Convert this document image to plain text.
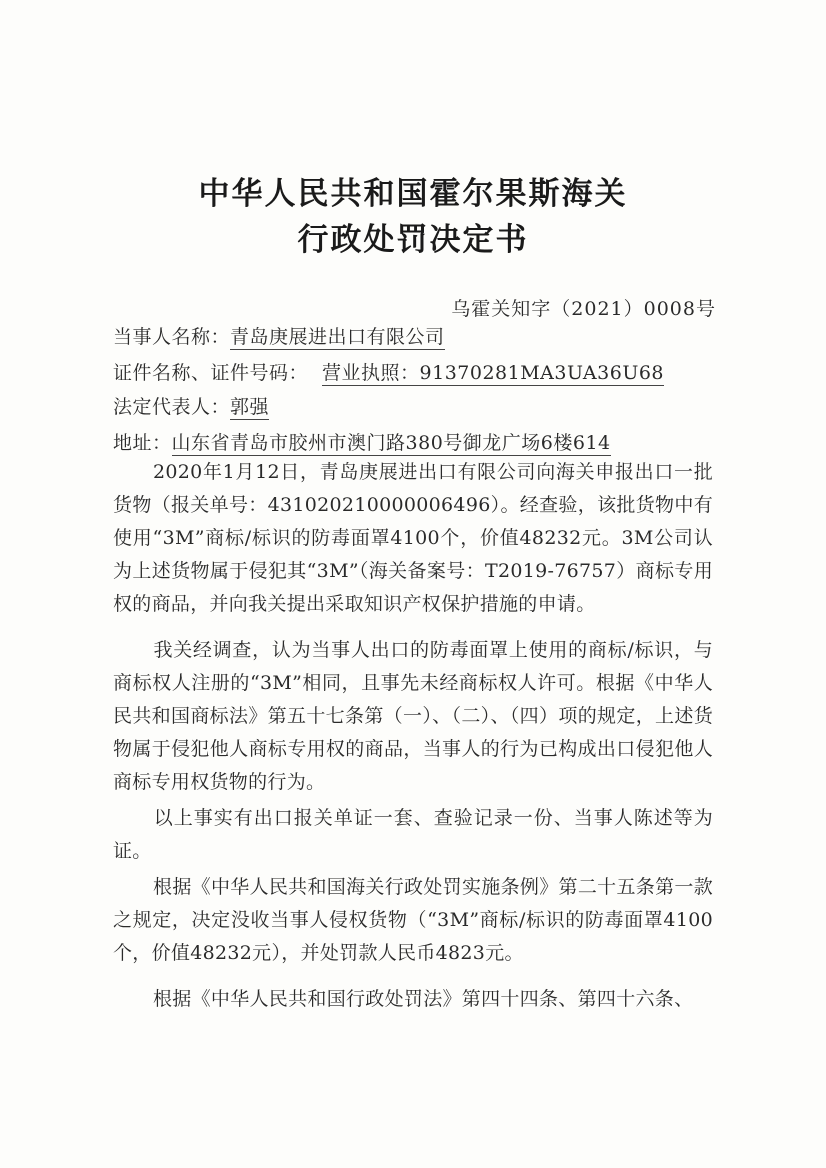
中华人民共和国霍尔果斯海关
行政处罚决定书
乌霍关知字（2021）0008号
当事人名称：青岛庚展进出口有限公司
证件名称、证件号码： 营业执照：91370281MA3UA36U68
法定代表人：郭强
地址：山东省青岛市胶州市澳门路380号御龙广场6楼614
2020年1月12日，青岛庚展进出口有限公司向海关申报出口一批货物（报关单号：431020210000006496）。经查验，该批货物中有使用“3M”商标/标识的防毒面罩4100个，价值48232元。3M公司认为上述货物属于侵犯其“3M”（海关备案号：T2019-76757）商标专用权的商品，并向我关提出采取知识产权保护措施的申请。
我关经调查，认为当事人出口的防毒面罩上使用的商标/标识，与商标权人注册的“3M”相同，且事先未经商标权人许可。根据《中华人民共和国商标法》第五十七条第（一）、（二）、（四）项的规定，上述货物属于侵犯他人商标专用权的商品，当事人的行为已构成出口侵犯他人商标专用权货物的行为。
以上事实有出口报关单证一套、查验记录一份、当事人陈述等为证。
根据《中华人民共和国海关行政处罚实施条例》第二十五条第一款之规定，决定没收当事人侵权货物（“3M”商标/标识的防毒面罩4100个，价值48232元），并处罚款人民币4823元。
根据《中华人民共和国行政处罚法》第四十四条、第四十六条、
